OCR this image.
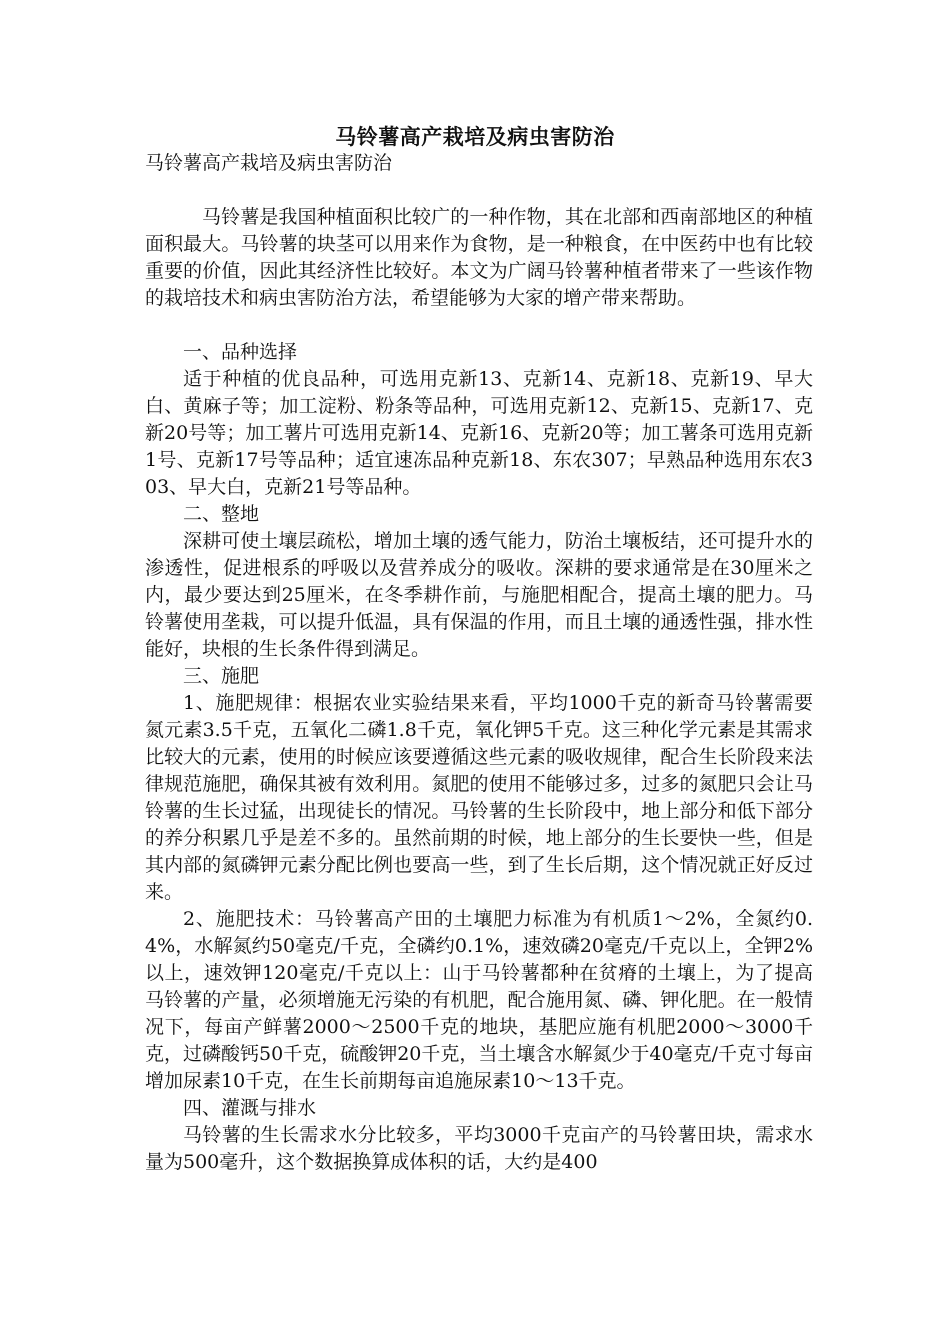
马铃薯高产栽培及病虫害防治

马铃薯高产栽培及病虫害防治

马铃薯是我国种植面积比较广的一种作物，其在北部和西南部地区的种植面积最大。马铃薯的块茎可以用来作为食物，是一种粮食，在中医药中也有比较重要的价值，因此其经济性比较好。本文为广阔马铃薯种植者带来了一些该作物的栽培技术和病虫害防治方法，希望能够为大家的增产带来帮助。

一、品种选择

适于种植的优良品种，可选用克新13、克新14、克新18、克新19、早大白、黄麻子等；加工淀粉、粉条等品种，可选用克新12、克新15、克新17、克新20号等；加工薯片可选用克新14、克新16、克新20等；加工薯条可选用克新1号、克新17号等品种；适宜速冻品种克新18、东农307；早熟品种选用东农303、早大白，克新21号等品种。

二、整地

深耕可使土壤层疏松，增加土壤的透气能力，防治土壤板结，还可提升水的渗透性，促进根系的呼吸以及营养成分的吸收。深耕的要求通常是在30厘米之内，最少要达到25厘米，在冬季耕作前，与施肥相配合，提高土壤的肥力。马铃薯使用垄栽，可以提升低温，具有保温的作用，而且土壤的通透性强，排水性能好，块根的生长条件得到满足。

三、施肥

1、施肥规律：根据农业实验结果来看，平均1000千克的新奇马铃薯需要氮元素3.5千克，五氧化二磷1.8千克，氧化钾5千克。这三种化学元素是其需求比较大的元素，使用的时候应该要遵循这些元素的吸收规律，配合生长阶段来法律规范施肥，确保其被有效利用。氮肥的使用不能够过多，过多的氮肥只会让马铃薯的生长过猛，出现徒长的情况。马铃薯的生长阶段中，地上部分和低下部分的养分积累几乎是差不多的。虽然前期的时候，地上部分的生长要快一些，但是其内部的氮磷钾元素分配比例也要高一些，到了生长后期，这个情况就正好反过来。

2、施肥技术：马铃薯高产田的土壤肥力标准为有机质1～2%，全氮约0.4%，水解氮约50毫克/千克，全磷约0.1%，速效磷20毫克/千克以上，全钾2%以上，速效钾120毫克/千克以上：山于马铃薯都种在贫瘠的土壤上，为了提高马铃薯的产量，必须增施无污染的有机肥，配合施用氮、磷、钾化肥。在一般情况下，每亩产鲜薯2000～2500千克的地块，基肥应施有机肥2000～3000千克，过磷酸钙50千克，硫酸钾20千克，当土壤含水解氮少于40毫克/千克寸每亩增加尿素10千克，在生长前期每亩追施尿素10～13千克。

四、灌溉与排水

马铃薯的生长需求水分比较多，平均3000千克亩产的马铃薯田块，需求水量为500毫升，这个数据换算成体积的话，大约是400
